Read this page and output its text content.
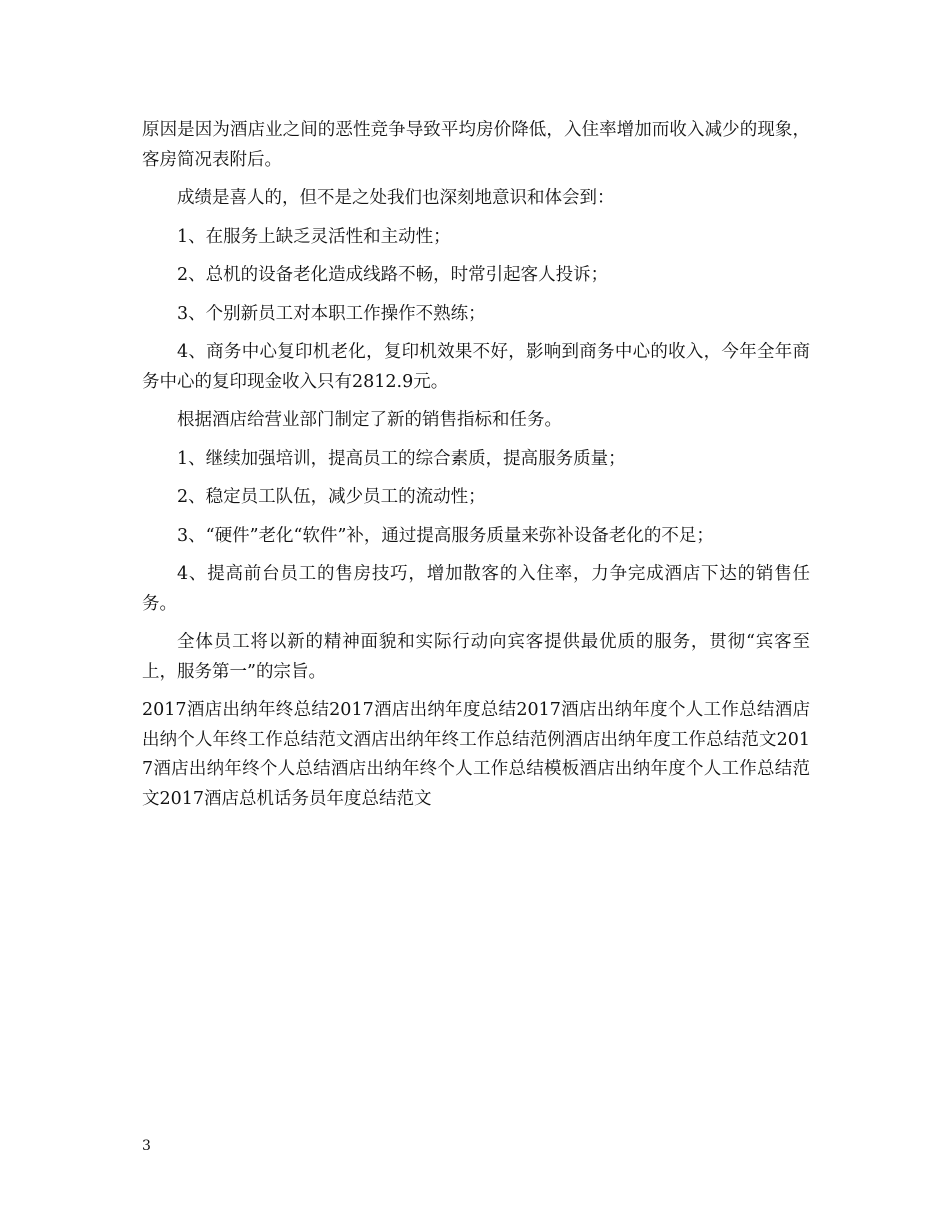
原因是因为酒店业之间的恶性竞争导致平均房价降低，入住率增加而收入减少的现象，客房简况表附后。

成绩是喜人的，但不是之处我们也深刻地意识和体会到：

1、在服务上缺乏灵活性和主动性；

2、总机的设备老化造成线路不畅，时常引起客人投诉；

3、个别新员工对本职工作操作不熟练；

4、商务中心复印机老化，复印机效果不好，影响到商务中心的收入，今年全年商务中心的复印现金收入只有2812.9元。

根据酒店给营业部门制定了新的销售指标和任务。

1、继续加强培训，提高员工的综合素质，提高服务质量；

2、稳定员工队伍，减少员工的流动性；

3、“硬件”老化“软件”补，通过提高服务质量来弥补设备老化的不足；

4、提高前台员工的售房技巧，增加散客的入住率，力争完成酒店下达的销售任务。

全体员工将以新的精神面貌和实际行动向宾客提供最优质的服务，贯彻“宾客至上，服务第一”的宗旨。

2017酒店出纳年终总结2017酒店出纳年度总结2017酒店出纳年度个人工作总结酒店出纳个人年终工作总结范文酒店出纳年终工作总结范例酒店出纳年度工作总结范文2017酒店出纳年终个人总结酒店出纳年终个人工作总结模板酒店出纳年度个人工作总结范文2017酒店总机话务员年度总结范文

3
